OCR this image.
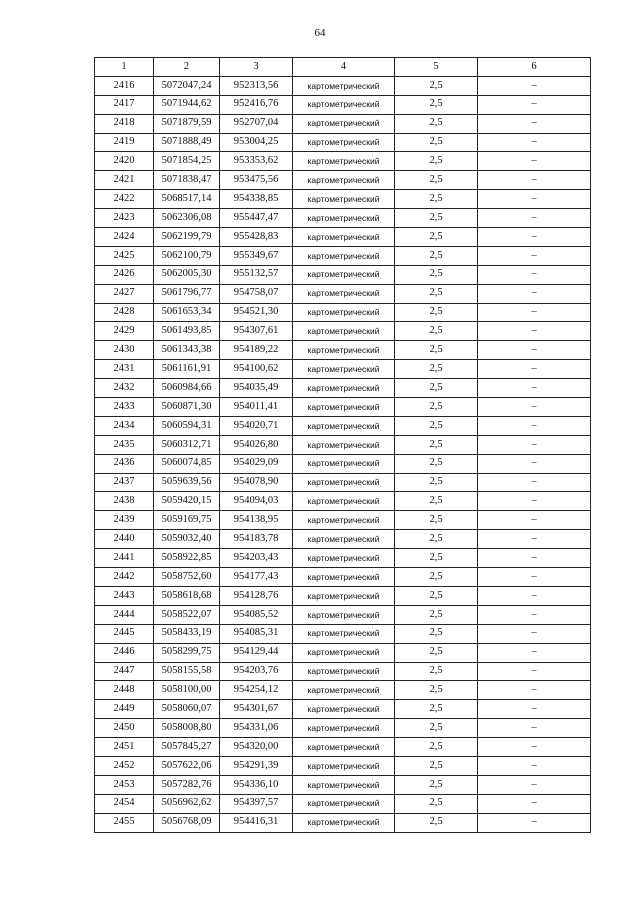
64
1	2	3	4	5	6
2416	5072047,24	952313,56	картометрический	2,5	–
2417	5071944,62	952416,76	картометрический	2,5	–
2418	5071879,59	952707,04	картометрический	2,5	–
2419	5071888,49	953004,25	картометрический	2,5	–
2420	5071854,25	953353,62	картометрический	2,5	–
2421	5071838,47	953475,56	картометрический	2,5	–
2422	5068517,14	954338,85	картометрический	2,5	–
2423	5062306,08	955447,47	картометрический	2,5	–
2424	5062199,79	955428,83	картометрический	2,5	–
2425	5062100,79	955349,67	картометрический	2,5	–
2426	5062005,30	955132,57	картометрический	2,5	–
2427	5061796,77	954758,07	картометрический	2,5	–
2428	5061653,34	954521,30	картометрический	2,5	–
2429	5061493,85	954307,61	картометрический	2,5	–
2430	5061343,38	954189,22	картометрический	2,5	–
2431	5061161,91	954100,62	картометрический	2,5	–
2432	5060984,66	954035,49	картометрический	2,5	–
2433	5060871,30	954011,41	картометрический	2,5	–
2434	5060594,31	954020,71	картометрический	2,5	–
2435	5060312,71	954026,80	картометрический	2,5	–
2436	5060074,85	954029,09	картометрический	2,5	–
2437	5059639,56	954078,90	картометрический	2,5	–
2438	5059420,15	954094,03	картометрический	2,5	–
2439	5059169,75	954138,95	картометрический	2,5	–
2440	5059032,40	954183,78	картометрический	2,5	–
2441	5058922,85	954203,43	картометрический	2,5	–
2442	5058752,60	954177,43	картометрический	2,5	–
2443	5058618,68	954128,76	картометрический	2,5	–
2444	5058522,07	954085,52	картометрический	2,5	–
2445	5058433,19	954085,31	картометрический	2,5	–
2446	5058299,75	954129,44	картометрический	2,5	–
2447	5058155,58	954203,76	картометрический	2,5	–
2448	5058100,00	954254,12	картометрический	2,5	–
2449	5058060,07	954301,67	картометрический	2,5	–
2450	5058008,80	954331,06	картометрический	2,5	–
2451	5057845,27	954320,00	картометрический	2,5	–
2452	5057622,06	954291,39	картометрический	2,5	–
2453	5057282,76	954336,10	картометрический	2,5	–
2454	5056962,62	954397,57	картометрический	2,5	–
2455	5056768,09	954416,31	картометрический	2,5	–
